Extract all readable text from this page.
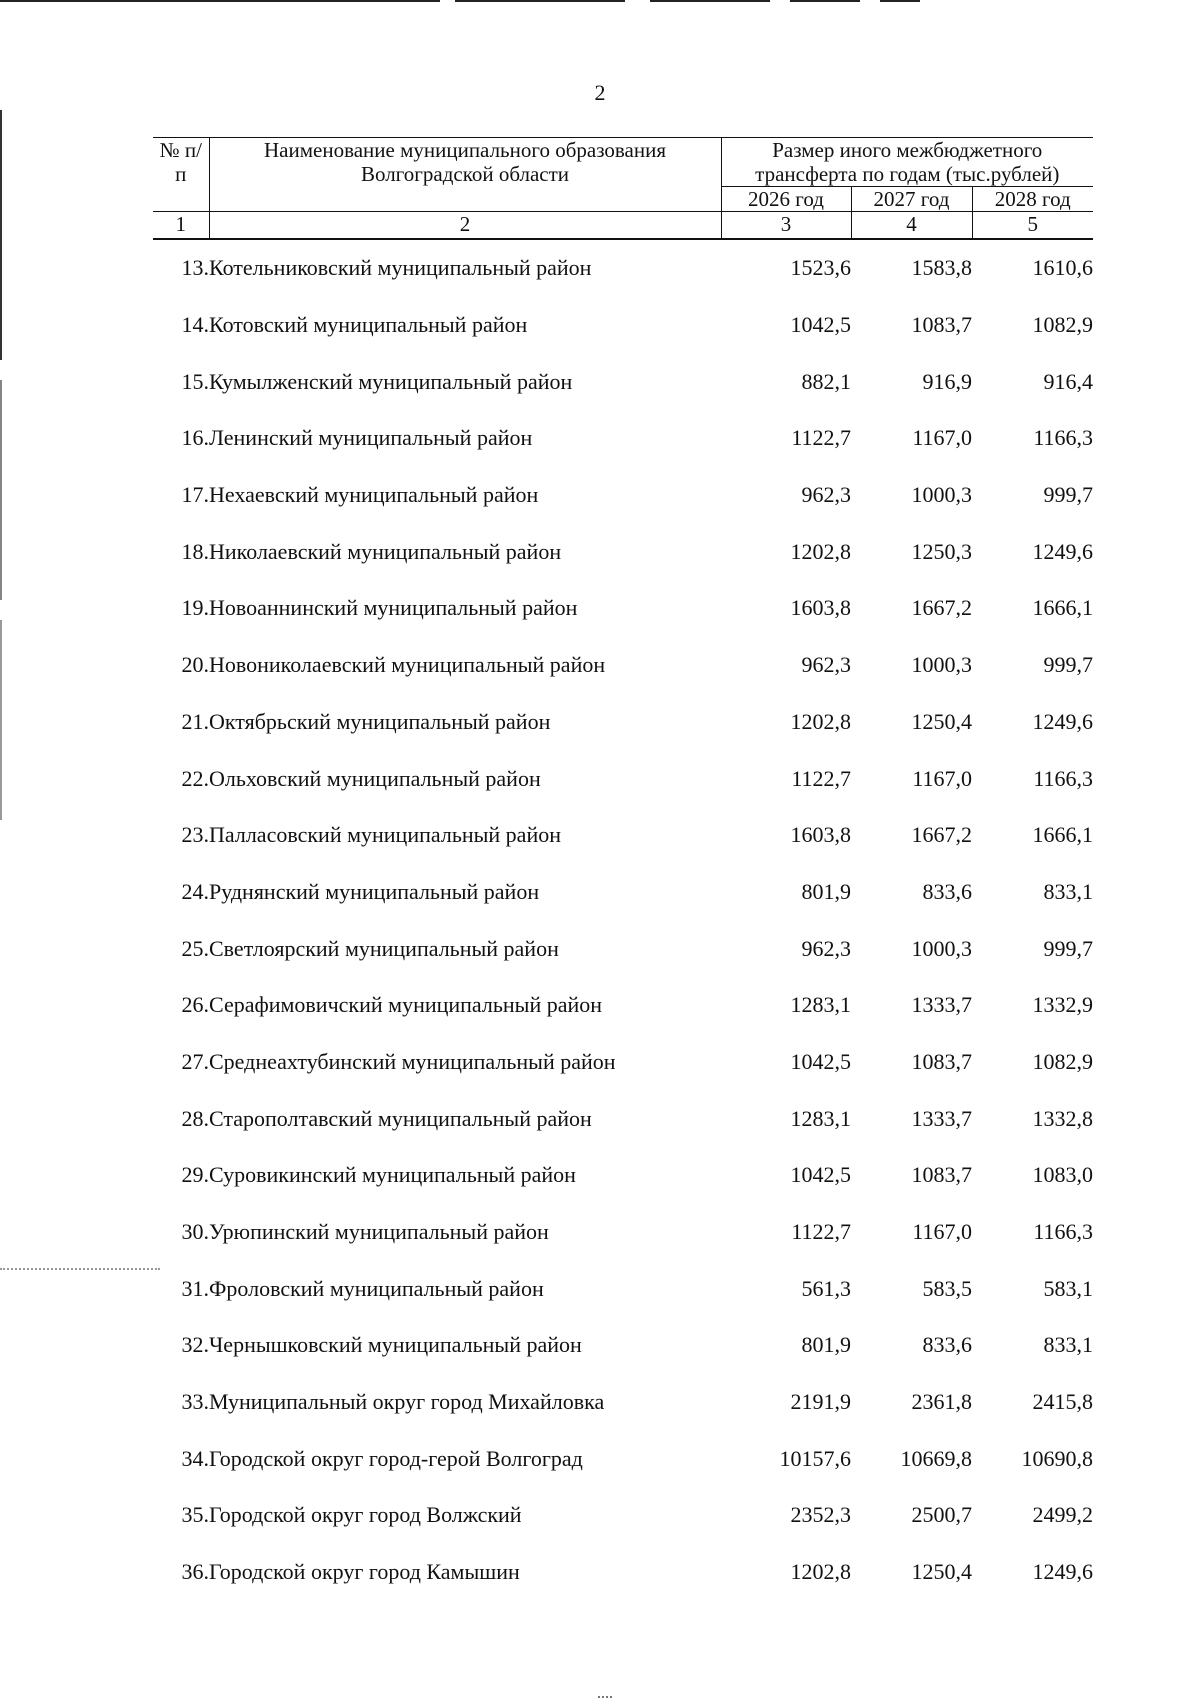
2
№ п/п	Наименование муниципального образования Волгоградской области	Размер иного межбюджетного трансферта по годам (тыс.рублей)		
		2026 год	2027 год	2028 год
1	2	3	4	5
13.	Котельниковский муниципальный район	1523,6	1583,8	1610,6
14.	Котовский муниципальный район	1042,5	1083,7	1082,9
15.	Кумылженский муниципальный район	882,1	916,9	916,4
16.	Ленинский муниципальный район	1122,7	1167,0	1166,3
17.	Нехаевский муниципальный район	962,3	1000,3	999,7
18.	Николаевский муниципальный район	1202,8	1250,3	1249,6
19.	Новоаннинский муниципальный район	1603,8	1667,2	1666,1
20.	Новониколаевский муниципальный район	962,3	1000,3	999,7
21.	Октябрьский муниципальный район	1202,8	1250,4	1249,6
22.	Ольховский муниципальный район	1122,7	1167,0	1166,3
23.	Палласовский муниципальный район	1603,8	1667,2	1666,1
24.	Руднянский муниципальный район	801,9	833,6	833,1
25.	Светлоярский муниципальный район	962,3	1000,3	999,7
26.	Серафимовичский муниципальный район	1283,1	1333,7	1332,9
27.	Среднеахтубинский муниципальный район	1042,5	1083,7	1082,9
28.	Старополтавский муниципальный район	1283,1	1333,7	1332,8
29.	Суровикинский муниципальный район	1042,5	1083,7	1083,0
30.	Урюпинский муниципальный район	1122,7	1167,0	1166,3
31.	Фроловский муниципальный район	561,3	583,5	583,1
32.	Чернышковский муниципальный район	801,9	833,6	833,1
33.	Муниципальный округ город Михайловка	2191,9	2361,8	2415,8
34.	Городской округ город-герой Волгоград	10157,6	10669,8	10690,8
35.	Городской округ город Волжский	2352,3	2500,7	2499,2
36.	Городской округ город Камышин	1202,8	1250,4	1249,6
